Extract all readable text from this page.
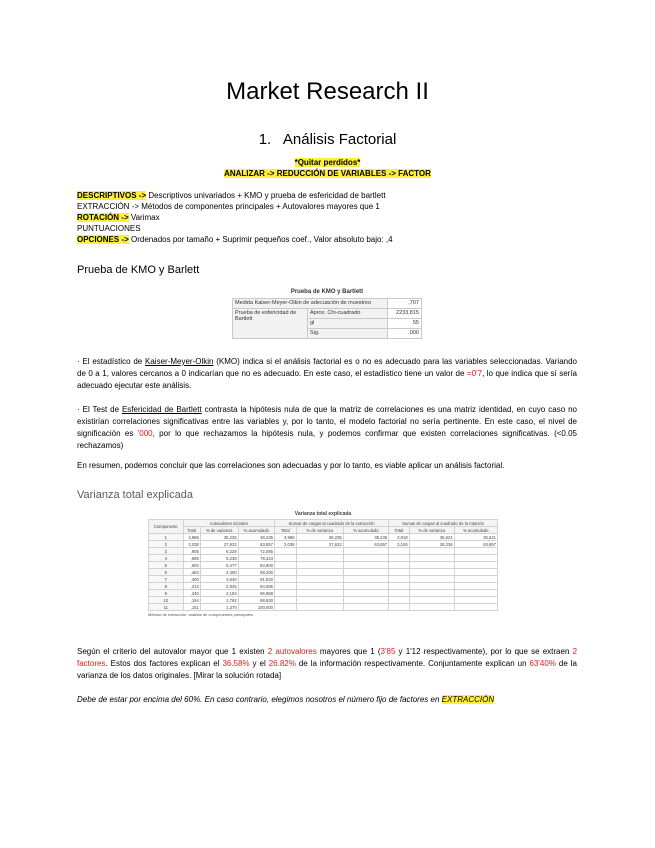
Market Research II
1. Análisis Factorial
*Quitar perdidos*
ANALIZAR -> REDUCCIÓN DE VARIABLES -> FACTOR
DESCRIPTIVOS -> Descriptivos univariados + KMO y prueba de esfericidad de bartlett
EXTRACCIÓN -> Métodos de componentes principales + Autovalores mayores que 1
ROTACIÓN -> Varimax
PUNTUACIONES
OPCIONES -> Ordenados por tamaño + Suprimir pequeños coef., Valor absoluto bajo: ,4
Prueba de KMO y Barlett
Prueba de KMO y Bartlett
Medida Kaiser-Meyer-Olkin de adecuación de muestreo		,707
Prueba de esfericidad de Bartlett	Aprox. Chi-cuadrado	2233,815
	gl	55
	Sig.	,000
· El estadístico de Kaiser-Meyer-Olkin (KMO) indica si el análisis factorial es o no es adecuado para las variables seleccionadas. Variando de 0 a 1, valores cercanos a 0 indicarían que no es adecuado. En este caso, el estadístico tiene un valor de =0'7, lo que indica que sí sería adecuado ejecutar este análisis.
· El Test de Esfericidad de Bartlett contrasta la hipótesis nula de que la matriz de correlaciones es una matriz identidad, en cuyo caso no existirían correlaciones significativas entre las variables y, por lo tanto, el modelo factorial no sería pertinente. En este caso, el nivel de significación es '000, por lo que rechazamos la hipótesis nula, y podemos confirmar que existen correlaciones significativas. (<0.05 rechazamos)
En resumen, podemos concluir que las correlaciones son adecuadas y por lo tanto, es viable aplicar un análisis factorial.
Varianza total explicada
Varianza total explicada
Componente	Autovalores iniciales			Sumas de cargas al cuadrado de la extracción			Sumas de cargas al cuadrado de la rotación		
	Total	% de varianza	% acumulado	Total	% de varianza	% acumulado	Total	% de varianza	% acumulado
1	3,986	36,235	36,235	3,986	36,235	36,235	3,918	35,621	35,621
2	3,038	27,622	63,857	3,038	27,622	63,857	3,106	28,236	63,857
3	,905	8,228	72,085						
4	,686	6,238	78,323						
5	,602	5,477	83,800						
6	,484	4,400	88,200						
7	,400	3,640	91,840						
8	,313	2,845	94,685						
9	,240	2,183	96,868						
10	,194	1,762	98,630						
11	,151	1,370	100,000						
Método de extracción: análisis de componentes principales.
Según el criterio del autovalor mayor que 1 existen 2 autovalores mayores que 1 (3'85 y 1'12 respectivamente), por lo que se extraen 2 factores. Estos dos factores explican el 36.58% y el 26.82% de la información respectivamente. Conjuntamente explican un 63'40% de la varianza de los datos originales. [Mirar la solución rotada]
Debe de estar por encima del 60%. En caso contrario, elegimos nosotros el número fijo de factores en EXTRACCIÓN
